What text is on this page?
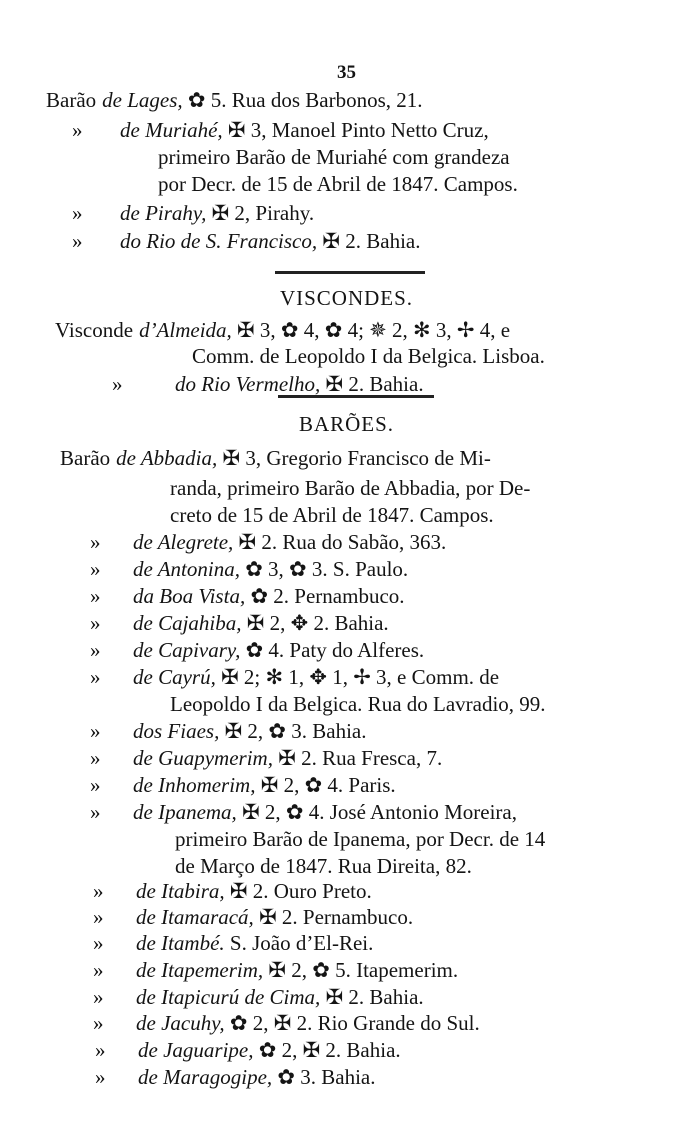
35
VISCONDES.
BARÕES.
Barão de Lages, ✿ 5. Rua dos Barbonos, 21.
» de Muriahé, ✠ 3, Manoel Pinto Netto Cruz,
primeiro Barão de Muriahé com grandeza
por Decr. de 15 de Abril de 1847. Campos.
» de Pirahy, ✠ 2, Pirahy.
» do Rio de S. Francisco, ✠ 2. Bahia.
Visconde d’Almeida, ✠ 3, ✿ 4, ✿ 4; ✵ 2, ✻ 3, ✢ 4, e
Comm. de Leopoldo I da Belgica. Lisboa.
»	do Rio Vermelho, ✠ 2. Bahia.
Barão de Abbadia, ✠ 3, Gregorio Francisco de Mi-
randa, primeiro Barão de Abbadia, por De-
creto de 15 de Abril de 1847. Campos.
» de Alegrete, ✠ 2. Rua do Sabão, 363.
» de Antonina, ✿ 3, ✿ 3. S. Paulo.
» da Boa Vista, ✿ 2. Pernambuco.
» de Cajahiba, ✠ 2, ✥ 2. Bahia.
» de Capivary, ✿ 4. Paty do Alferes.
» de Cayrú, ✠ 2; ✻ 1, ✥ 1, ✢ 3, e Comm. de
Leopoldo I da Belgica. Rua do Lavradio, 99.
» dos Fiaes, ✠ 2, ✿ 3. Bahia.
» de Guapymerim, ✠ 2. Rua Fresca, 7.
» de Inhomerim, ✠ 2, ✿ 4. Paris.
» de Ipanema, ✠ 2, ✿ 4. José Antonio Moreira,
primeiro Barão de Ipanema, por Decr. de 14
de Março de 1847. Rua Direita, 82.
» de Itabira, ✠ 2. Ouro Preto.
» de Itamaracá, ✠ 2. Pernambuco.
» de Itambé. S. João d’El-Rei.
» de Itapemerim, ✠ 2, ✿ 5. Itapemerim.
» de Itapicurú de Cima, ✠ 2. Bahia.
» de Jacuhy, ✿ 2, ✠ 2. Rio Grande do Sul.
» de Jaguaripe, ✿ 2, ✠ 2. Bahia.
» de Maragogipe, ✿ 3. Bahia.
